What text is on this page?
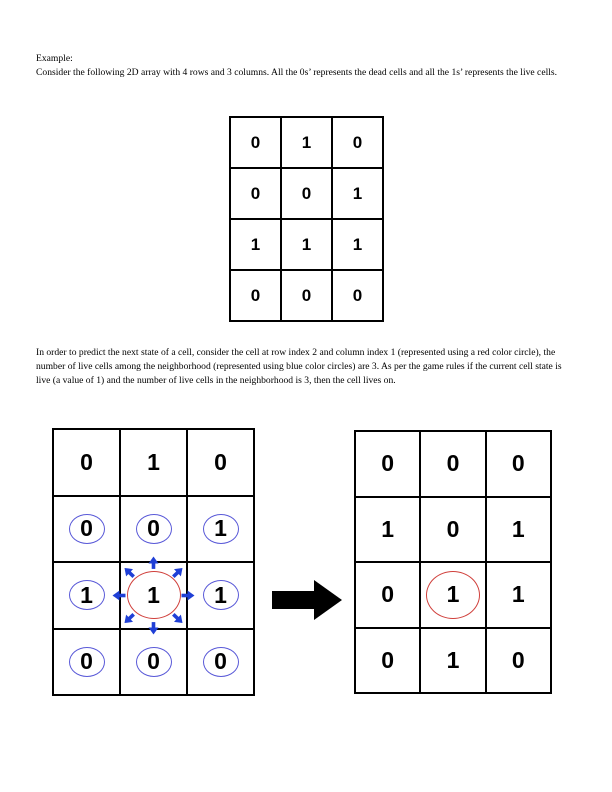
Example:

Consider the following 2D array with 4 rows and 3 columns. All the 0s’ represents the dead cells and all the 1s’ represents the live cells.

0 1 0
0 0 1
1 1 1
0 0 0

In order to predict the next state of a cell, consider the cell at row index 2 and column index 1 (represented using a red color circle), the number of live cells among the neighborhood (represented using blue color circles) are 3. As per the game rules if the current cell state is live (a value of 1) and the number of live cells in the neighborhood is 3, then the cell lives on.

0 1 0
0 0 1
1 1 1
0 0 0
0 0 0
1 0 1
0 1 1
0 1 0
